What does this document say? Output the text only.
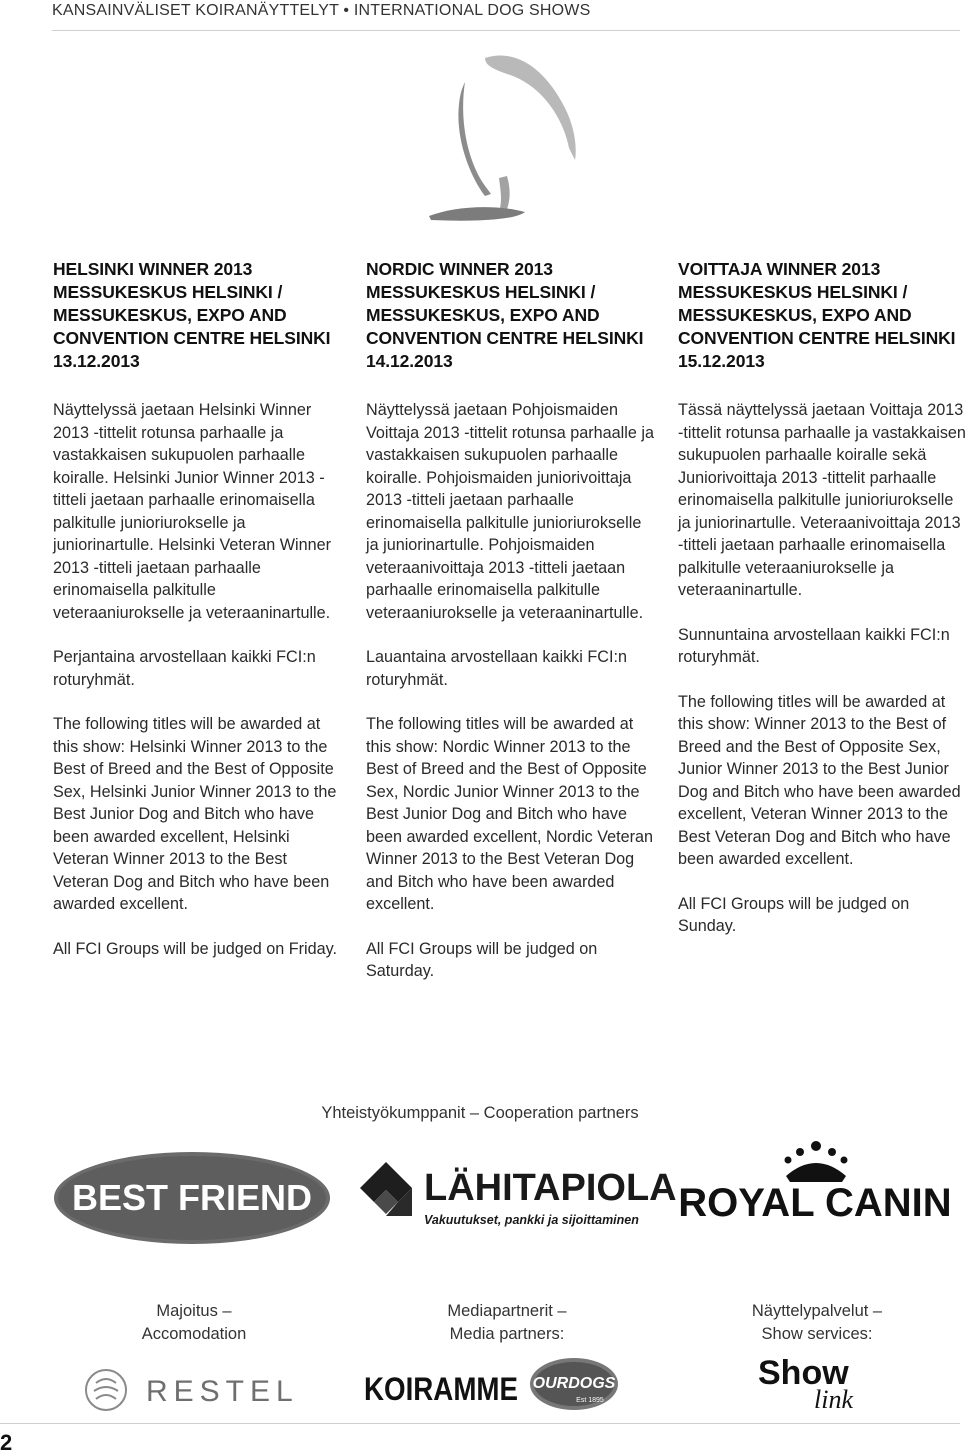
KANSAINVÄLISET KOIRANÄYTTELYT • INTERNATIONAL DOG SHOWS
HELSINKI WINNER 2013
MESSUKESKUS HELSINKI /
MESSUKESKUS, EXPO AND
CONVENTION CENTRE HELSINKI
13.12.2013

Näyttelyssä jaetaan Helsinki Winner 2013 -tittelit rotunsa parhaalle ja vastakkaisen sukupuolen parhaalle koiralle. Helsinki Junior Winner 2013 -titteli jaetaan parhaalle erinomaisella palkitulle junioriurokselle ja juniorinartulle. Helsinki Veteran Winner 2013 -titteli jaetaan parhaalle erinomaisella palkitulle veteraaniurokselle ja veteraaninartulle.

Perjantaina arvostellaan kaikki FCI:n roturyhmät.

The following titles will be awarded at this show: Helsinki Winner 2013 to the Best of Breed and the Best of Opposite Sex, Helsinki Junior Winner 2013 to the Best Junior Dog and Bitch who have been awarded excellent, Helsinki Veteran Winner 2013 to the Best Veteran Dog and Bitch who have been awarded excellent.

All FCI Groups will be judged on Friday.

NORDIC WINNER 2013
MESSUKESKUS HELSINKI /
MESSUKESKUS, EXPO AND
CONVENTION CENTRE HELSINKI
14.12.2013

Näyttelyssä jaetaan Pohjoismaiden Voittaja 2013 -tittelit rotunsa parhaalle ja vastakkaisen sukupuolen parhaalle koiralle. Pohjoismaiden juniorivoittaja 2013 -titteli jaetaan parhaalle erinomaisella palkitulle junioriurokselle ja juniorinartulle. Pohjoismaiden veteraanivoittaja 2013 -titteli jaetaan parhaalle erinomaisella palkitulle veteraaniurokselle ja veteraaninartulle.

Lauantaina arvostellaan kaikki FCI:n roturyhmät.

The following titles will be awarded at this show: Nordic Winner 2013 to the Best of Breed and the Best of Opposite Sex, Nordic Junior Winner 2013 to the Best Junior Dog and Bitch who have been awarded excellent, Nordic Veteran Winner 2013 to the Best Veteran Dog and Bitch who have been awarded excellent.

All FCI Groups will be judged on Saturday.

VOITTAJA WINNER 2013
MESSUKESKUS HELSINKI /
MESSUKESKUS, EXPO AND
CONVENTION CENTRE HELSINKI
15.12.2013

Tässä näyttelyssä jaetaan Voittaja 2013 -tittelit rotunsa parhaalle ja vastakkaisen sukupuolen parhaalle koiralle sekä Juniorivoittaja 2013 -tittelit parhaalle erinomaisella palkitulle junioriurokselle ja juniorinartulle. Veteraanivoittaja 2013 -titteli jaetaan parhaalle erinomaisella palkitulle veteraaniurokselle ja veteraaninartulle.

Sunnuntaina arvostellaan kaikki FCI:n roturyhmät.

The following titles will be awarded at this show: Winner 2013 to the Best of Breed and the Best of Opposite Sex, Junior Winner 2013 to the Best Junior Dog and Bitch who have been awarded excellent, Veteran Winner 2013 to the Best Veteran Dog and Bitch who have been awarded excellent.

All FCI Groups will be judged on Sunday.

Yhteistyökumppanit – Cooperation partners
BEST FRIEND	LÄHITAPIOLA
Vakuutukset, pankki ja sijoittaminen ROYAL CANIN
Majoitus –
Accomodation
Mediapartnerit –
Media partners:
Näyttelypalvelut –
Show services:
RESTEL KOIRAMME OURDOGS
Est 1895
Show
link
2
